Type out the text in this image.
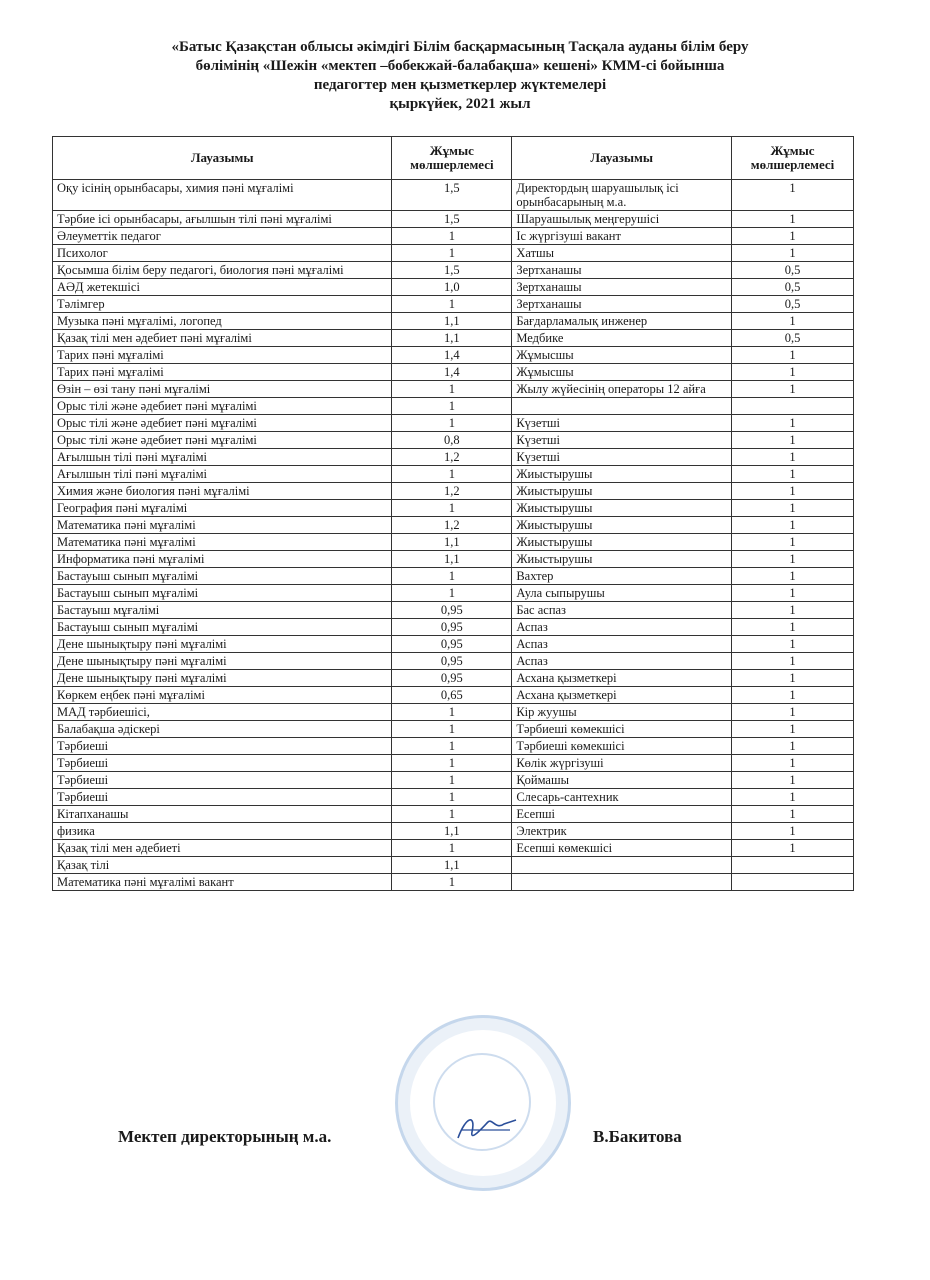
«Батыс Қазақстан облысы әкімдігі Білім басқармасының Тасқала ауданы білім беру
бөлімінің «Шежін «мектеп –бобекжай-балабақша» кешені» КММ-сі бойынша
педагогтер мен қызметкерлер жүктемелері
қыркүйек, 2021 жыл
Лауазымы	Жұмыс мөлшерлемесі	Лауазымы	Жұмыс мөлшерлемесі
Оқу ісінің орынбасары, химия пәні мұғалімі	1,5	Директордың шаруашылық ісі орынбасарының м.а.	1
Тәрбие ісі орынбасары, ағылшын тілі пәні мұғалімі	1,5	Шаруашылық меңгерушісі	1
Әлеуметтік педагог	1	Іс жүргізуші вакант	1
Психолог	1	Хатшы	1
Қосымша білім беру педагогі, биология пәні мұғалімі	1,5	Зертханашы	0,5
АӘД жетекшісі	1,0	Зертханашы	0,5
Тәлімгер	1	Зертханашы	0,5
Музыка пәні мұғалімі, логопед	1,1	Бағдарламалық инженер	1
Қазақ тілі мен әдебиет пәні мұғалімі	1,1	Медбике	0,5
Тарих пәні мұғалімі	1,4	Жұмысшы	1
Тарих пәні мұғалімі	1,4	Жұмысшы	1
Өзін – өзі тану пәні мұғалімі	1	Жылу жүйесінің операторы 12 айға	1
Орыс тілі және әдебиет пәні мұғалімі	1		
Орыс тілі және әдебиет пәні мұғалімі	1	Күзетші	1
Орыс тілі және әдебиет пәні мұғалімі	0,8	Күзетші	1
Ағылшын тілі пәні мұғалімі	1,2	Күзетші	1
Ағылшын тілі пәні мұғалімі	1	Жиыстырушы	1
Химия және биология пәні мұғалімі	1,2	Жиыстырушы	1
География пәні мұғалімі	1	Жиыстырушы	1
Математика пәні мұғалімі	1,2	Жиыстырушы	1
Математика пәні мұғалімі	1,1	Жиыстырушы	1
Информатика пәні мұғалімі	1,1	Жиыстырушы	1
Бастауыш сынып мұғалімі	1	Вахтер	1
Бастауыш сынып мұғалімі	1	Аула сыпырушы	1
Бастауыш мұғалімі	0,95	Бас аспаз	1
Бастауыш сынып мұғалімі	0,95	Аспаз	1
Дене шынықтыру пәні мұғалімі	0,95	Аспаз	1
Дене шынықтыру пәні мұғалімі	0,95	Аспаз	1
Дене шынықтыру пәні мұғалімі	0,95	Асхана қызметкері	1
Көркем еңбек пәні мұғалімі	0,65	Асхана қызметкері	1
МАД тәрбиешісі,	1	Кір жуушы	1
Балабақша әдіскері	1	Тәрбиеші көмекшісі	1
Тәрбиеші	1	Тәрбиеші көмекшісі	1
Тәрбиеші	1	Көлік жүргізуші	1
Тәрбиеші	1	Қоймашы	1
Тәрбиеші	1	Слесарь-сантехник	1
Кітапханашы	1	Есепші	1
физика	1,1	Электрик	1
Қазақ тілі мен әдебиеті	1	Есепші көмекшісі	1
Қазақ тілі	1,1		
Математика пәні мұғалімі вакант	1		
Мектеп директорының м.а.	В.Бакитова
